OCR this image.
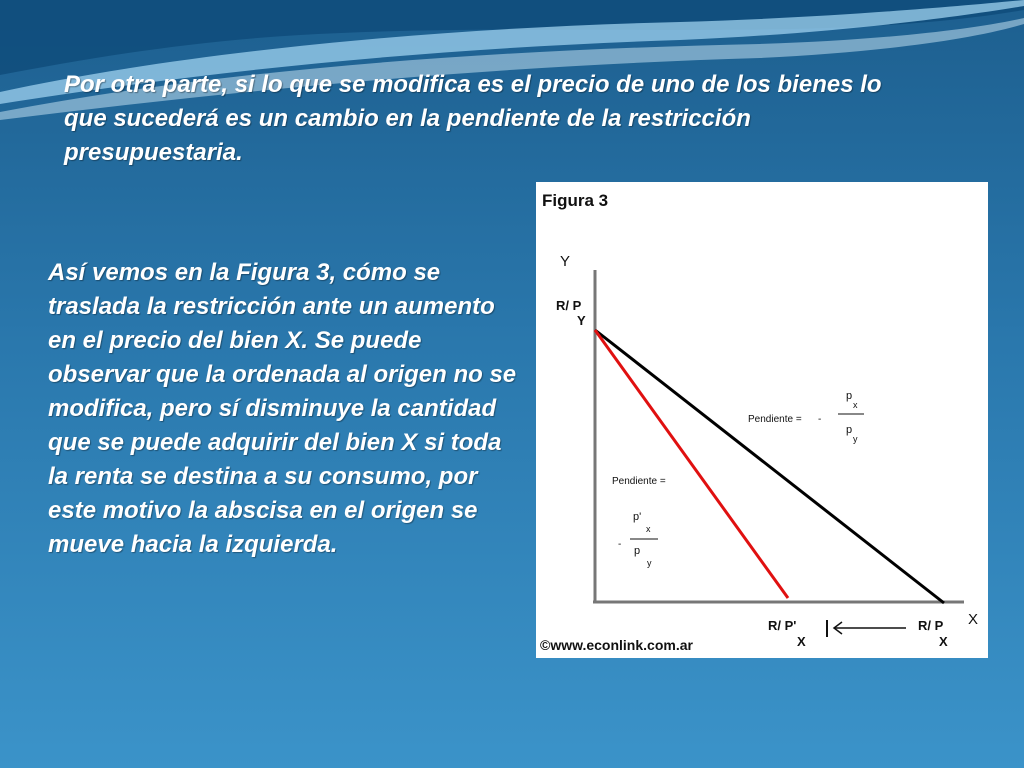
Por otra parte, si lo que se modifica es el precio de uno de los bienes lo que sucederá es un cambio en la pendiente de la restricción presupuestaria.

Así vemos en la Figura 3, cómo se traslada la restricción ante un aumento en el precio del bien X. Se puede observar que la ordenada al origen no se modifica, pero sí disminuye la cantidad que se puede adquirir del bien X si toda la renta se destina a su consumo, por este motivo la abscisa en el origen se mueve hacia la izquierda.

Figura 3
Y
X
R/ P
Y
Pendiente = -
p
x
p
y
Pendiente =
-
p'
x
p
y
R/ P'
X
R/ P
X
©www.econlink.com.ar
